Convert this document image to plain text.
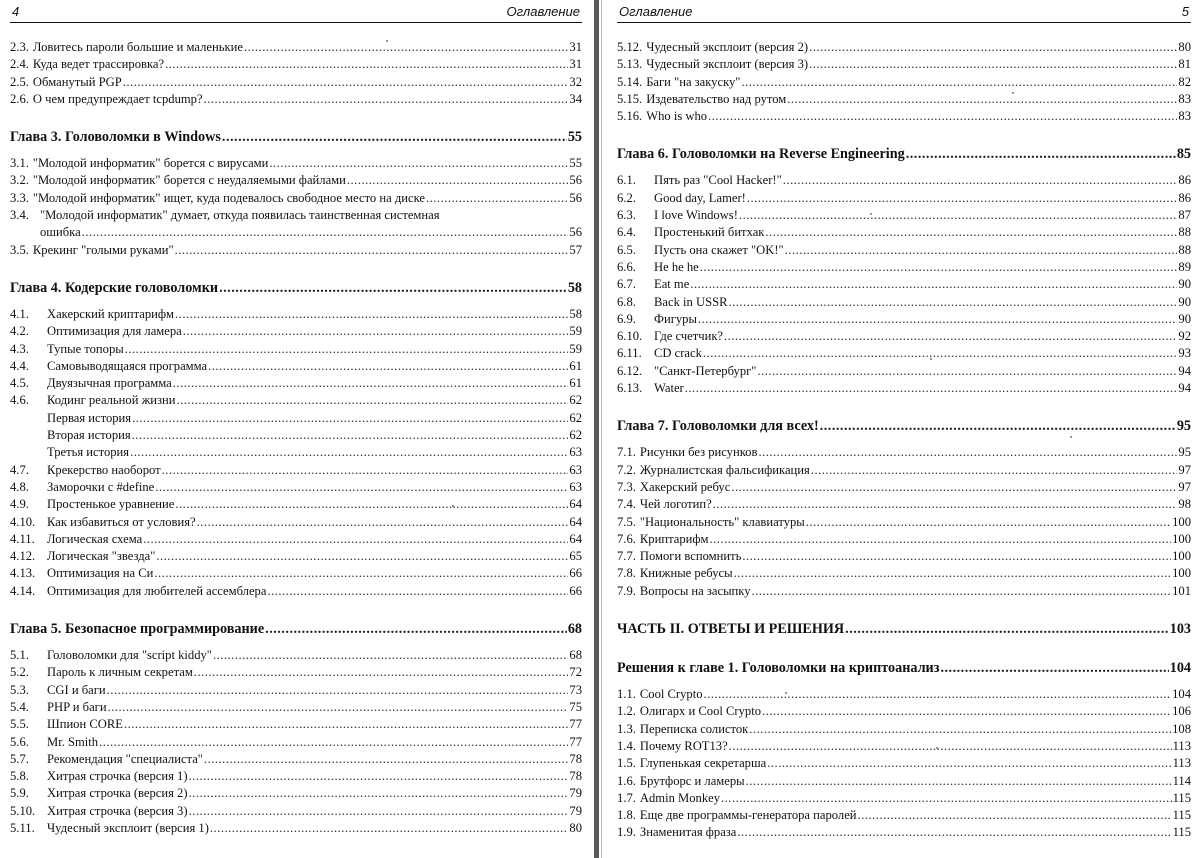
4	Оглавление
2.3. Ловитесь пароли большие и маленькие .....	31
2.4. Куда ведет трассировка? .....	31
2.5. Обманутый PGP .....	32
2.6. О чем предупреждает tcpdump? .....	34
Глава 3. Головоломки в Windows .....	55
3.1. "Молодой информатик" борется с вирусами .....	55
3.2. "Молодой информатик" борется с неудаляемыми файлами .....	56
3.3. "Молодой информатик" ищет, куда подевалось свободное место на диске .....	56
3.4. "Молодой информатик" думает, откуда появилась таинственная системная
ошибка .....	56
3.5. Крекинг "голыми руками" .....	57
Глава 4. Кодерские головоломки .....	58
4.1.	Хакерский криптарифм .....	58
4.2.	Оптимизация для ламера .....	59
4.3.	Тупые топоры .....	59
4.4.	Самовыводящаяся программа .....	61
4.5.	Двуязычная программа .....	61
4.6.	Кодинг реальной жизни .....	62
Первая история .....	62
Вторая история .....	62
Третья история .....	63
4.7.	Крекерство наоборот .....	63
4.8.	Заморочки с #define .....	63
4.9.	Простенькое уравнение .....	64
4.10. Как избавиться от условия? .....	64
4.11. Логическая схема .....	64
4.12. Логическая "звезда" .....	65
4.13. Оптимизация на Си .....	66
4.14. Оптимизация для любителей ассемблера .....	66
Глава 5. Безопасное программирование .....	68
5.1.	Головоломки для "script kiddy" .....	68
5.2.	Пароль к личным секретам .....	72
5.3.	CGI и баги .....	73
5.4.	PHP и баги .....	75
5.5.	Шпион CORE .....	77
5.6.	Mr. Smith .....	77
5.7.	Рекомендация "специалиста" .....	78
5.8.	Хитрая строчка (версия 1) .....	78
5.9.	Хитрая строчка (версия 2) .....	79
5.10. Хитрая строчка (версия 3) .....	79
5.11. Чудесный эксплоит (версия 1) .....	80
Оглавление	5
5.12. Чудесный эксплоит (версия 2) .....	80
5.13. Чудесный эксплоит (версия 3) .....	81
5.14. Баги "на закуску" .....	82
5.15. Издевательство над рутом .....	83
5.16. Who is who .....	83
Глава 6. Головоломки на Reverse Engineering .....	85
6.1.	Пять раз "Cool Hacker!" .....	86
6.2.	Good day, Lamer! .....	86
6.3.	I love Windows! .....	87
6.4.	Простенький битхак .....	88
6.5.	Пусть она скажет "OK!" .....	88
6.6.	He he he .....	89
6.7.	Eat me .....	90
6.8.	Back in USSR .....	90
6.9.	Фигуры .....	90
6.10. Где счетчик? .....	92
6.11. CD crack .....	93
6.12. "Санкт-Петербург" .....	94
6.13. Water .....	94
Глава 7. Головоломки для всех! .....	95
7.1. Рисунки без рисунков .....	95
7.2. Журналистская фальсификация .....	97
7.3. Хакерский ребус .....	97
7.4. Чей логотип? .....	98
7.5. "Национальность" клавиатуры .....	100
7.6. Криптарифм .....	100
7.7. Помоги вспомнить .....	100
7.8. Книжные ребусы .....	100
7.9. Вопросы на засыпку .....	101
ЧАСТЬ II. ОТВЕТЫ И РЕШЕНИЯ .....	103
Решения к главе 1. Головоломки на криптоанализ .....	104
1.1. Cool Crypto .....	104
1.2. Олигарх и Cool Crypto .....	106
1.3. Переписка солисток .....	108
1.4. Почему ROT13? .....	113
1.5. Глупенькая секретарша .....	113
1.6. Брутфорс и ламеры .....	114
1.7. Admin Monkey .....	115
1.8. Еще две программы-генератора паролей .....	115
1.9. Знаменитая фраза .....	115
